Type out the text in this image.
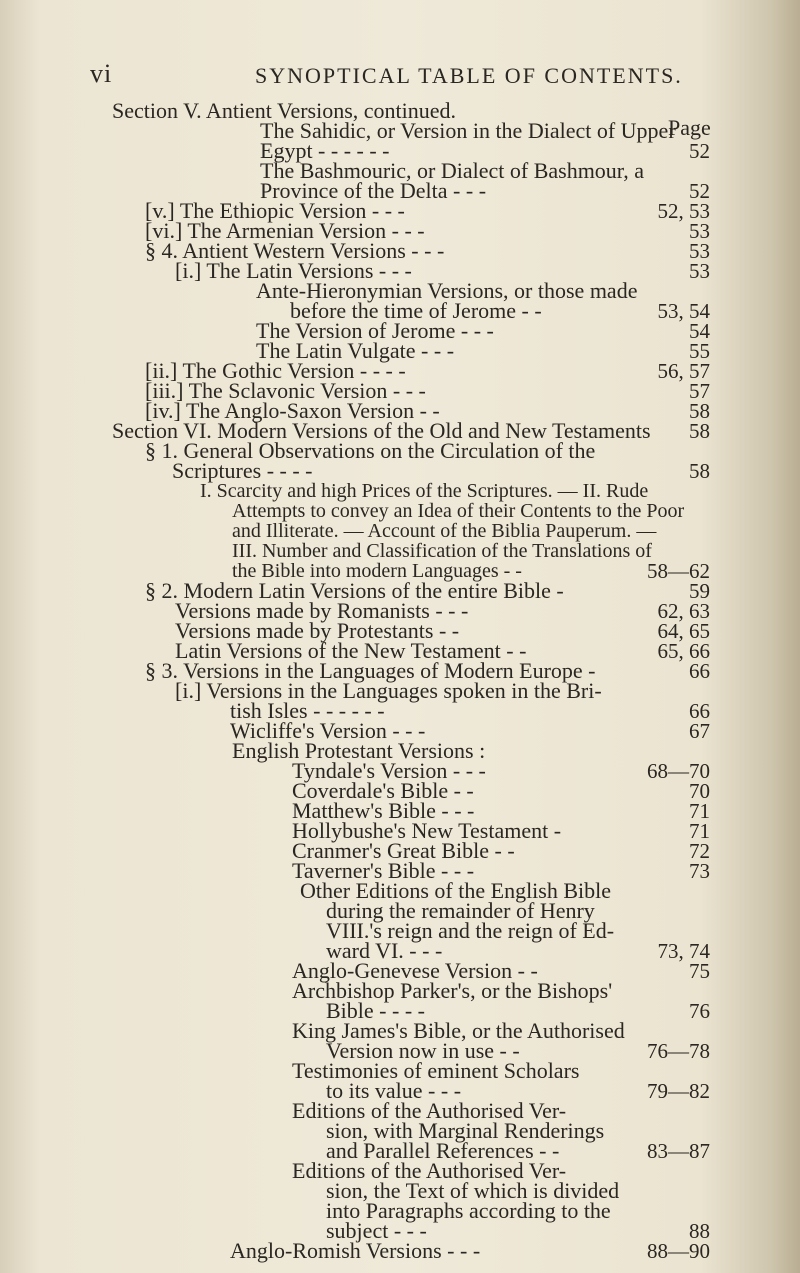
vi	SYNOPTICAL TABLE OF CONTENTS.
Page
Section V. Antient Versions, continued.
The Sahidic, or Version in the Dialect of Upper
Egypt - - - - - -	52
The Bashmouric, or Dialect of Bashmour, a
Province of the Delta - - -	52
[v.] The Ethiopic Version - - -	52, 53
[vi.] The Armenian Version - - -	53
§ 4. Antient Western Versions - - -	53
[i.] The Latin Versions - - -	53
Ante-Hieronymian Versions, or those made
before the time of Jerome - -	53, 54
The Version of Jerome - - -	54
The Latin Vulgate - - -	55
[ii.] The Gothic Version - - - -	56, 57
[iii.] The Sclavonic Version - - -	57
[iv.] The Anglo-Saxon Version - -	58
Section VI. Modern Versions of the Old and New Testaments	58
§ 1. General Observations on the Circulation of the
Scriptures - - - -	58
I. Scarcity and high Prices of the Scriptures. — II. Rude
Attempts to convey an Idea of their Contents to the Poor
and Illiterate. — Account of the Biblia Pauperum. —
III. Number and Classification of the Translations of
the Bible into modern Languages - -	58—62
§ 2. Modern Latin Versions of the entire Bible -	59
Versions made by Romanists - - -	62, 63
Versions made by Protestants - -	64, 65
Latin Versions of the New Testament - -	65, 66
§ 3. Versions in the Languages of Modern Europe -	66
[i.] Versions in the Languages spoken in the Bri-
tish Isles - - - - - -	66
Wicliffe's Version - - -	67
English Protestant Versions :
Tyndale's Version - - -	68—70
Coverdale's Bible - -	70
Matthew's Bible - - -	71
Hollybushe's New Testament -	71
Cranmer's Great Bible - -	72
Taverner's Bible - - -	73
Other Editions of the English Bible
during the remainder of Henry
VIII.'s reign and the reign of Ed-
ward VI. - - -	73, 74
Anglo-Genevese Version - -	75
Archbishop Parker's, or the Bishops'
Bible - - - -	76
King James's Bible, or the Authorised
Version now in use - -	76—78
Testimonies of eminent Scholars
to its value - - -	79—82
Editions of the Authorised Ver-
sion, with Marginal Renderings
and Parallel References - -	83—87
Editions of the Authorised Ver-
sion, the Text of which is divided
into Paragraphs according to the
subject - - -	88
Anglo-Romish Versions - - -	88—90
